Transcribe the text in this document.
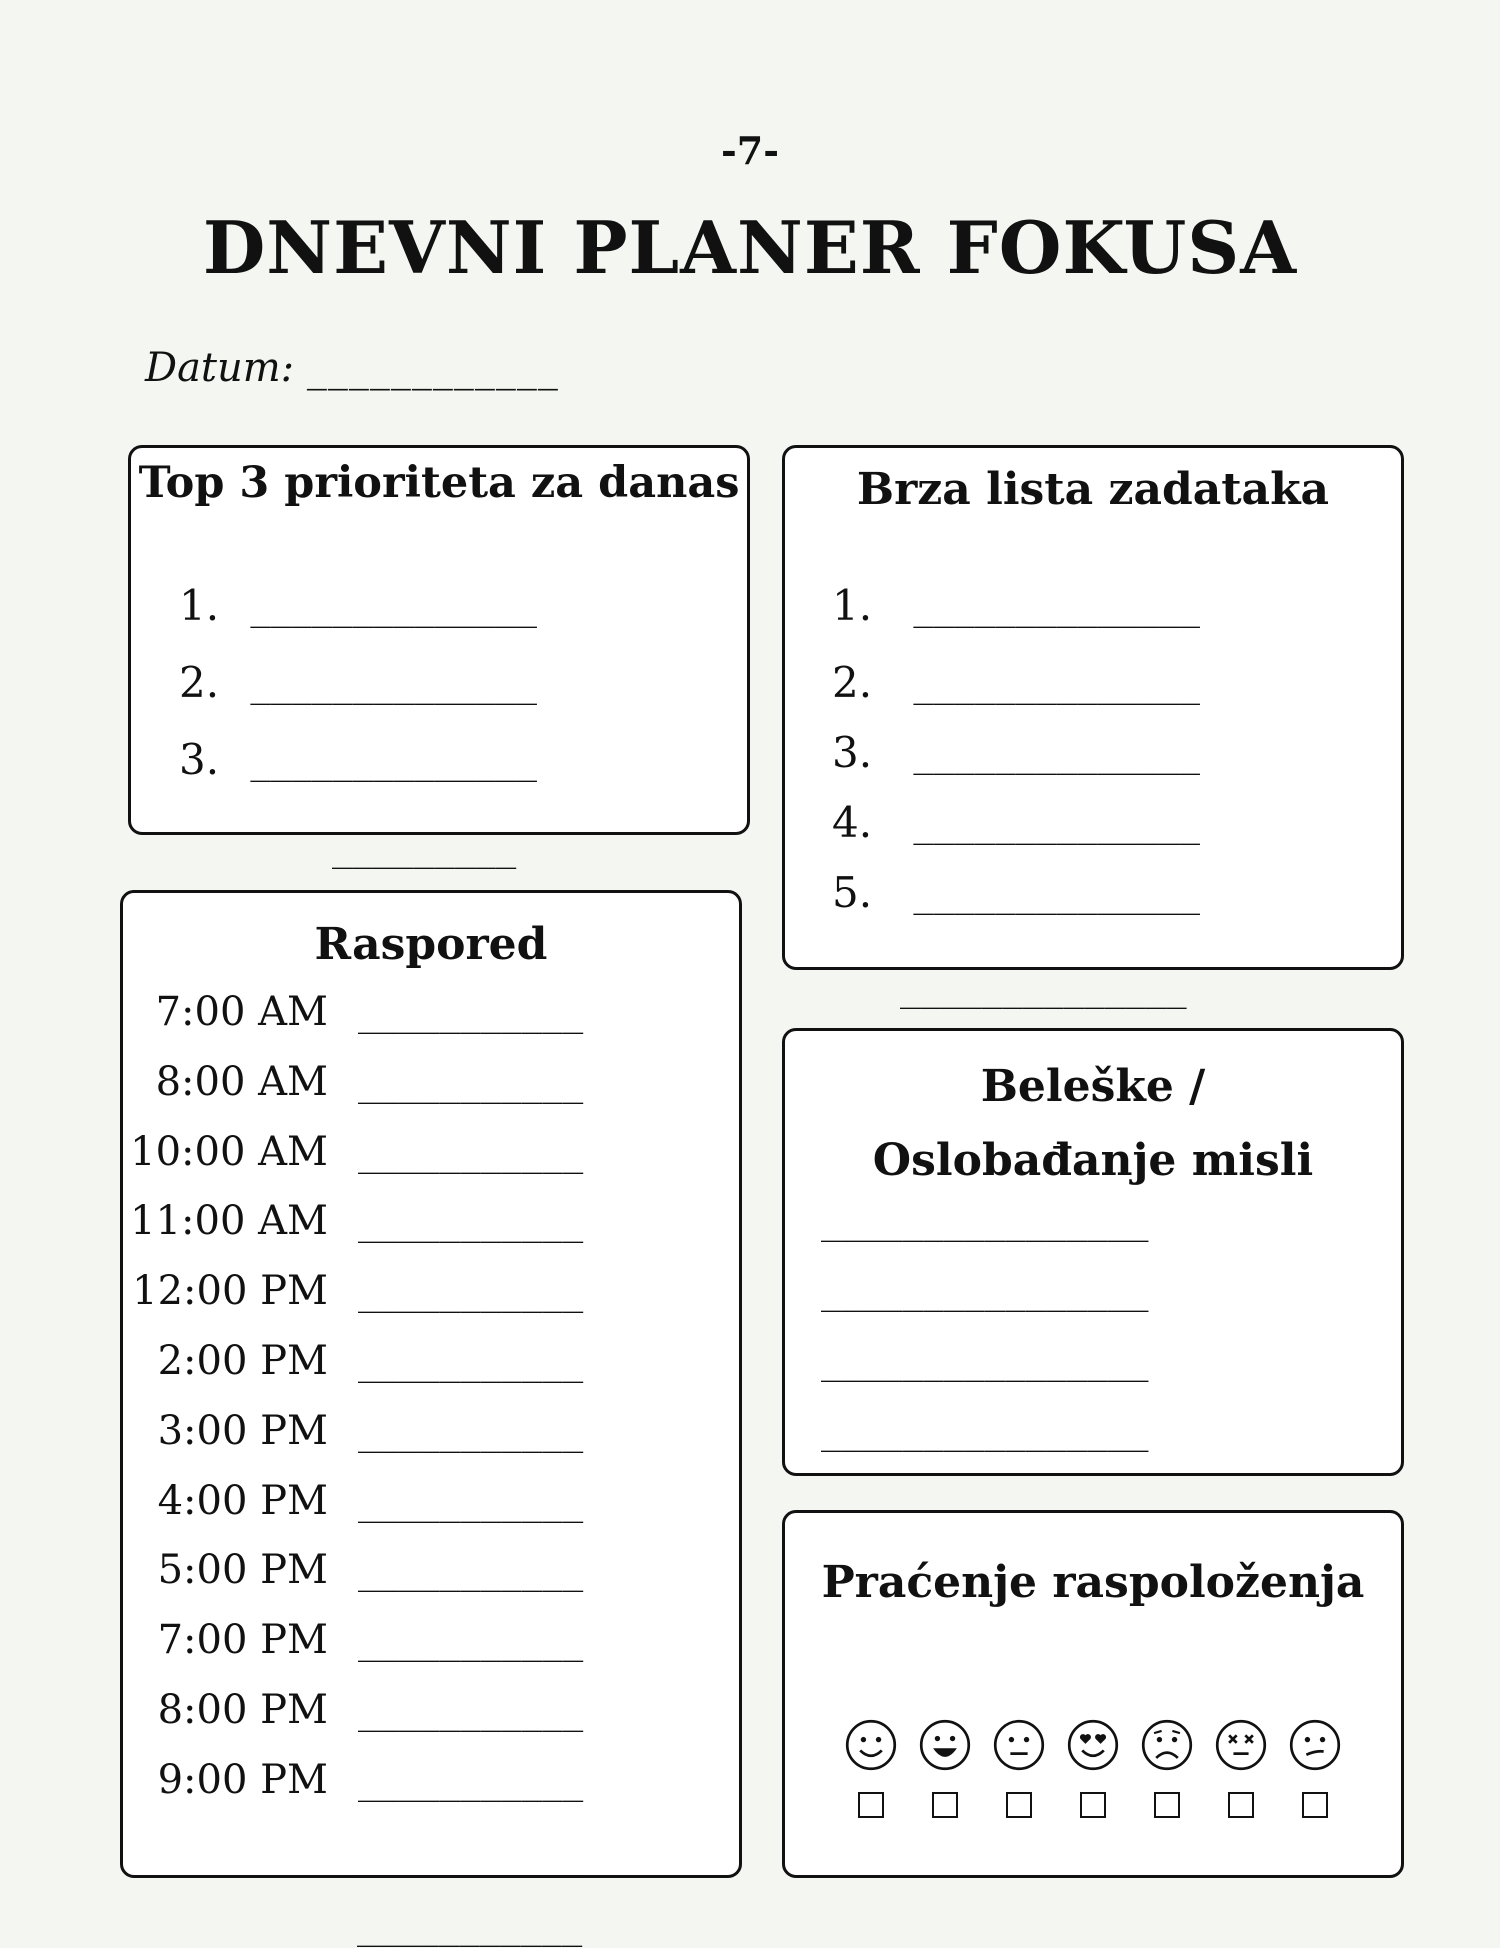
-7-
DNEVNI PLANER FOKUSA
Datum: ____________
Top 3 prioriteta za danas
1. ______________
2. ______________
3. ______________
_________
Brza lista zadataka
1. ______________
2. ______________
3. ______________
4. ______________
5. ______________
______________
Raspored
7:00 AM ___________
8:00 AM ___________
10:00 AM ___________
11:00 AM ___________
12:00 PM ___________
2:00 PM ___________
3:00 PM ___________
4:00 PM ___________
5:00 PM ___________
7:00 PM ___________
8:00 PM ___________
9:00 PM ___________
___________
___________
Beleške /
Oslobađanje misli
________________
________________
________________
________________
Praćenje raspoloženja
